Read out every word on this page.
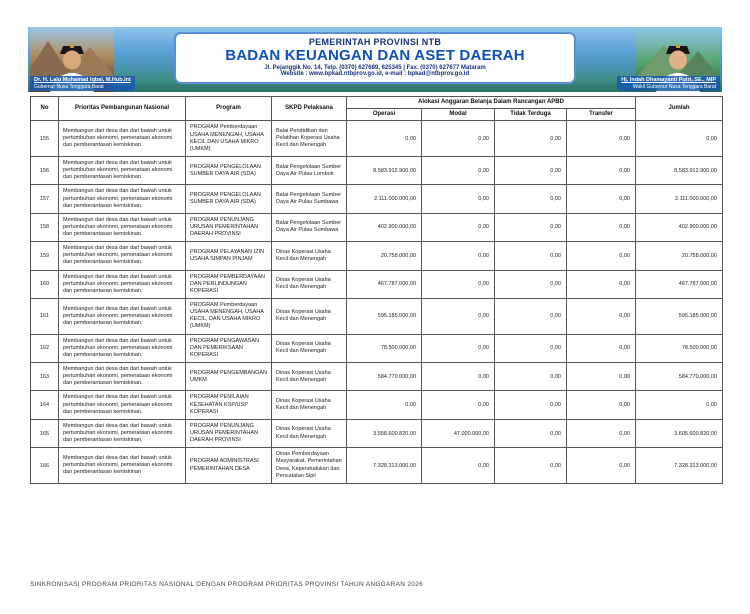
PEMERINTAH PROVINSI NTB
BADAN KEUANGAN DAN ASET DAERAH
Jl. Pejanggik No. 14, Telp. (0370) 627689, 625345 | Fax. (0370) 627677 Mataram
Website : www.bpkad.ntbprov.go.id, e-mail : bpkad@ntbprov.go.id
Dr. H. Lalu Muhamad Iqbal, M.Hub.Int
Gubernur Nusa Tenggara Barat
Hj. Indah Dhamayanti Putri, SE., MIP
Wakil Gubernur Nusa Tenggara Barat
No	Prioritas Pembangunan Nasional	Program	SKPD Pelaksana	Alokasi Anggaran Belanja Dalam Rancangan APBD				Jumlah
				Operasi	Modal	Tidak Terduga	Transfer	
155	Membangun dari desa dan dari bawah untuk pertumbuhan ekonomi, pemerataan ekonomi dan pemberantasan kemiskinan.	PROGRAM Pemberdayaan USAHA MENENGAH, USAHA KECIL DAN USAHA MIKRO (UMKM)	Balai Pendidikan dan Pelatihan Koperasi Usaha Kecil dan Menengah	0,00	0,00	0,00	0,00	0,00
156	Membangun dari desa dan dari bawah untuk pertumbuhan ekonomi, pemerataan ekonomi dan pemberantasan kemiskinan.	PROGRAM PENGELOLAAN SUMBER DAYA AIR (SDA)	Balai Pengelolaan Sumber Daya Air Pulau Lombok	8.583.912.900,00	0,00	0,00	0,00	8.583.912.900,00
157	Membangun dari desa dan dari bawah untuk pertumbuhan ekonomi, pemerataan ekonomi dan pemberantasan kemiskinan.	PROGRAM PENGELOLAAN SUMBER DAYA AIR (SDA)	Balai Pengelolaan Sumber Daya Air Pulau Sumbawa	2.111.000.000,00	0,00	0,00	0,00	2.111.000.000,00
158	Membangun dari desa dan dari bawah untuk pertumbuhan ekonomi, pemerataan ekonomi dan pemberantasan kemiskinan.	PROGRAM PENUNJANG URUSAN PEMERINTAHAN DAERAH PROVINSI	Balai Pengelolaan Sumber Daya Air Pulau Sumbawa	402.900.000,00	0,00	0,00	0,00	402.900.000,00
159	Membangun dari desa dan dari bawah untuk pertumbuhan ekonomi, pemerataan ekonomi dan pemberantasan kemiskinan.	PROGRAM PELAYANAN IZIN USAHA SIMPAN PINJAM	Dinas Koperasi Usaha Kecil dan Menengah	20.758.000,00	0,00	0,00	0,00	20.758.000,00
160	Membangun dari desa dan dari bawah untuk pertumbuhan ekonomi, pemerataan ekonomi dan pemberantasan kemiskinan.	PROGRAM PEMBERDAYAAN DAN PERLINDUNGAN KOPERASI	Dinas Koperasi Usaha Kecil dan Menengah	467.787.000,00	0,00	0,00	0,00	467.787.000,00
161	Membangun dari desa dan dari bawah untuk pertumbuhan ekonomi, pemerataan ekonomi dan pemberantasan kemiskinan.	PROGRAM Pemberdayaan USAHA MENENGAH, USAHA KECIL, DAN USAHA MIKRO (UMKM)	Dinas Koperasi Usaha Kecil dan Menengah	595.185.000,00	0,00	0,00	0,00	595.185.000,00
162	Membangun dari desa dan dari bawah untuk pertumbuhan ekonomi, pemerataan ekonomi dan pemberantasan kemiskinan.	PROGRAM PENGAWASAN DAN PEMERIKSAAN KOPERASI	Dinas Koperasi Usaha Kecil dan Menengah	78.500.000,00	0,00	0,00	0,00	78.500.000,00
163	Membangun dari desa dan dari bawah untuk pertumbuhan ekonomi, pemerataan ekonomi dan pemberantasan kemiskinan.	PROGRAM PENGEMBANGAN UMKM	Dinas Koperasi Usaha Kecil dan Menengah	584.770.000,00	0,00	0,00	0,00	584.770.000,00
164	Membangun dari desa dan dari bawah untuk pertumbuhan ekonomi, pemerataan ekonomi dan pemberantasan kemiskinan.	PROGRAM PENILAIAN KESEHATAN KSP/USP KOPERASI	Dinas Koperasi Usaha Kecil dan Menengah	0,00	0,00	0,00	0,00	0,00
165	Membangun dari desa dan dari bawah untuk pertumbuhan ekonomi, pemerataan ekonomi dan pemberantasan kemiskinan.	PROGRAM PENUNJANG URUSAN PEMERINTAHAN DAERAH PROVINSI	Dinas Koperasi Usaha Kecil dan Menengah	3.558.600.820,00	47.000.000,00	0,00	0,00	3.605.600.820,00
166	Membangun dari desa dan dari bawah untuk pertumbuhan ekonomi, pemerataan ekonomi dan pemberantasan kemiskinan	PROGRAM ADMINISTRASI PEMERINTAHAN DESA	Dinas Pemberdayaan Masyarakat, Pemerintahan Desa, Kependudukan dan Pencatatan Sipil	7.328.313.000,00	0,00	0,00	0,00	7.328.313.000,00
SINKRONISASI PROGRAM PRIORITAS NASIONAL DENGAN PROGRAM PRIORITAS PROVINSI TAHUN ANGGARAN 2026
